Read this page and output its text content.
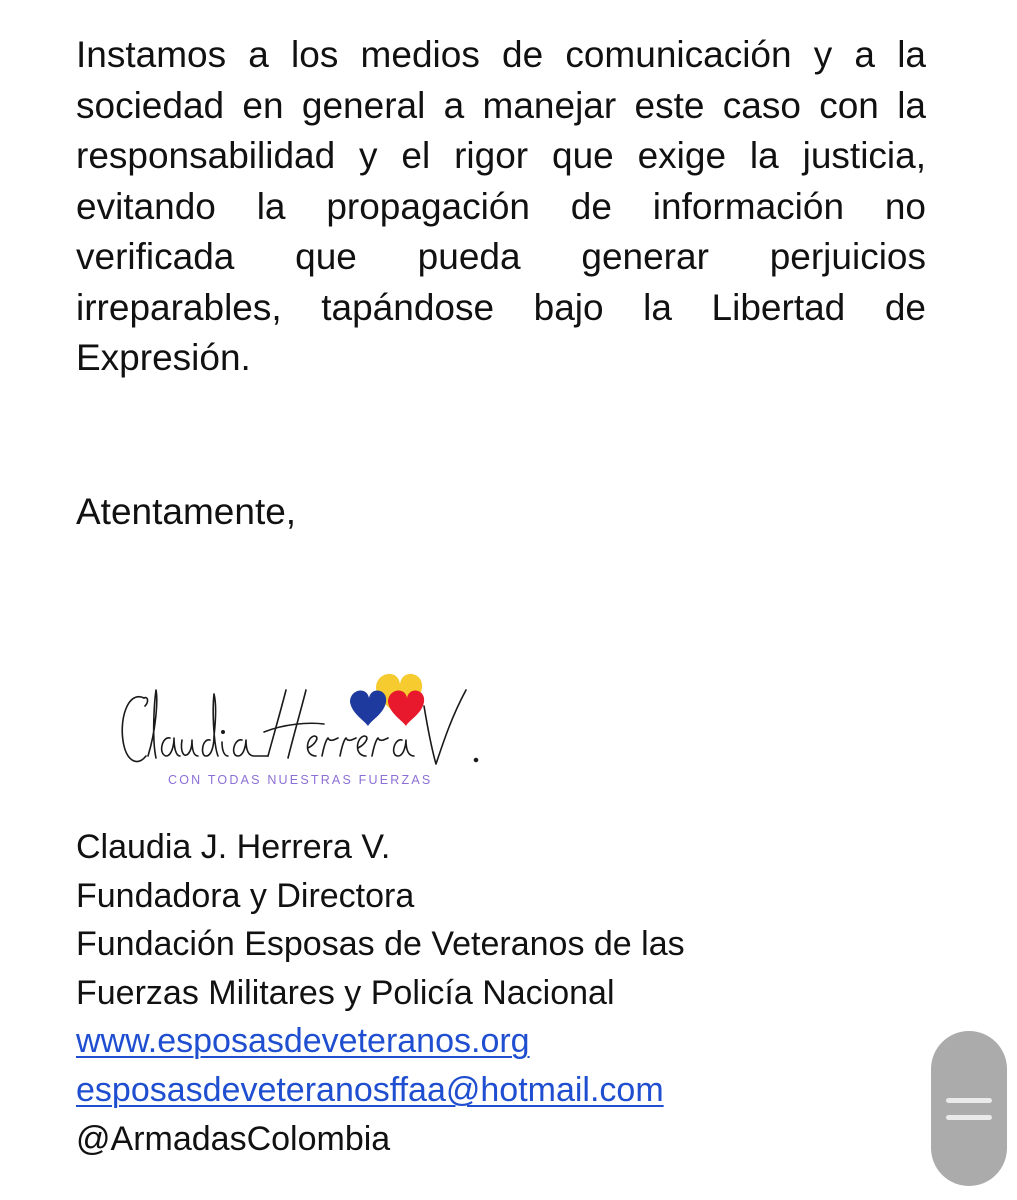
Instamos a los medios de comunicación y a la sociedad en general a manejar este caso con la responsabilidad y el rigor que exige la justicia, evitando la propagación de información no verificada que pueda generar perjuicios irreparables, tapándose bajo la Libertad de Expresión.

Atentamente,

CON TODAS NUESTRAS FUERZAS
Claudia J. Herrera V.
Fundadora y Directora
Fundación Esposas de Veteranos de las
Fuerzas Militares y Policía Nacional
www.esposasdeveteranos.org
esposasdeveteranosffaa@hotmail.com
@ArmadasColombia
